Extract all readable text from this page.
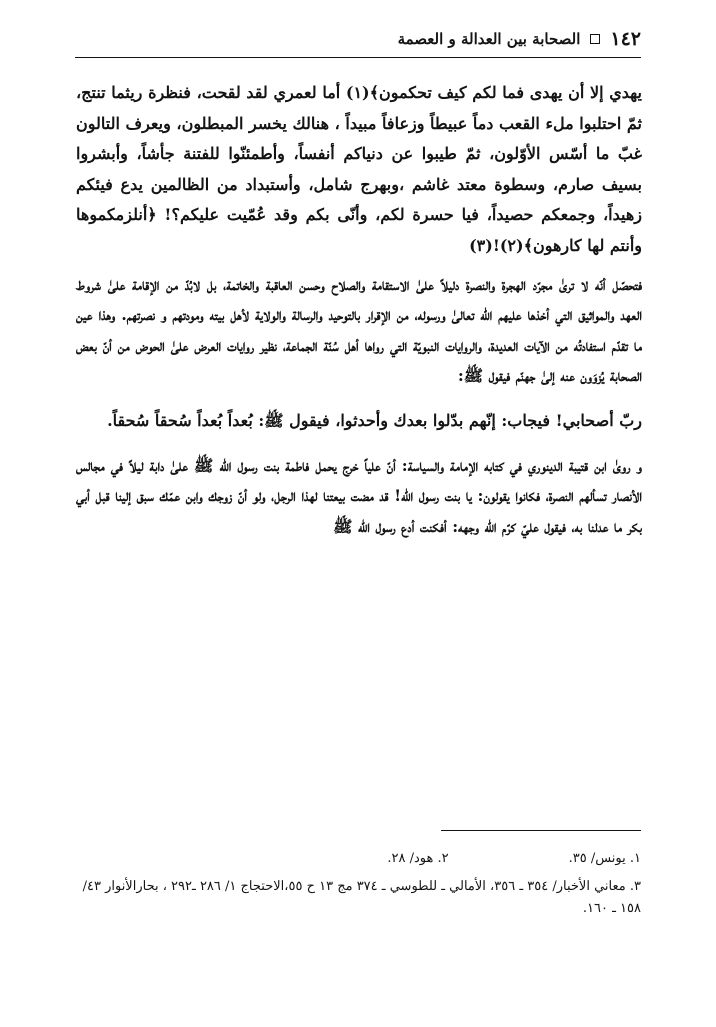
١٤٢
الصحابة بين العدالة و العصمة

يهدي إلا أن يهدى فما لكم كيف تحكمون﴾(١) أما لعمري لقد لقحت، فنظرة ريثما تنتج، ثمّ احتلبوا ملء القعب دماً عبيطاً وزعافاً مبيداً ، هنالك يخسر المبطلون، ويعرف التالون غبّ ما أسّس الأوّلون، ثمّ طيبوا عن دنياكم أنفساً، وأطمئنّوا للفتنة جأشاً، وأبشروا بسيف صارم، وسطوة معتد غاشم ،وبهرج شامل، وأستبداد من الظالمين يدع فيئكم زهيداً، وجمعكم حصيداً، فيا حسرة لكم، وأنّى بكم وقد عُمّيت عليكم؟! ﴿أنلزمكموها وأنتم لها كارهون﴾(٢)!(٣)

فتحصّل أنّه لا ترىٰ مجرّد الهجرة والنصرة دليلاً علىٰ الاستقامة والصلاح وحسن العاقبة والخاتمة، بل لابُدّ من الإقامة علىٰ شروط العهد والمواثيق التي أخذها عليهم الله تعالىٰ ورسوله، من الإقرار بالتوحيد والرسالة والولاية لأهل بيته ومودتهم و نصرتهم. وهذا عين ما تقدّم استفادتُه من الآيات العديدة، والروايات النبويّة التي رواها أهل سُنّة الجماعة، نظير روايات العرض علىٰ الحوض من أنّ بعض الصحابة يُزوَون عنه إلىٰ جهنّم فيقول ﷺ:

ربّ أصحابي! فيجاب: إنّهم بدّلوا بعدك وأحدثوا، فيقول ﷺ: بُعداً بُعداً سُحقاً سُحقاً.

و روىٰ ابن قتيبة الدينوري في كتابه الإمامة والسياسة: أنّ علياً خرج يحمل فاطمة بنت رسول الله ﷺ علىٰ دابة ليلاً في مجالس الأنصار تسألهم النصرة، فكانوا يقولون: يا بنت رسول الله! قد مضت بيعتنا لهذا الرجل، ولو أنّ زوجك وابن عمّك سبق إلينا قبل أبي بكر ما عدلنا به، فيقول عليّ كرّم الله وجهه: أفكنت أدع رسول الله ﷺ

١. يونس/ ٣٥.
٢. هود/ ٢٨.

٣. معاني الأخبار/ ٣٥٤ ـ ٣٥٦، الأمالي ـ للطوسي ـ ٣٧٤ مج ١٣ ح ٥٥،الاحتجاج ١/ ٢٨٦ ـ٢٩٢ ، بحارالأنوار ٤٣/ ١٥٨ ـ ١٦٠.
